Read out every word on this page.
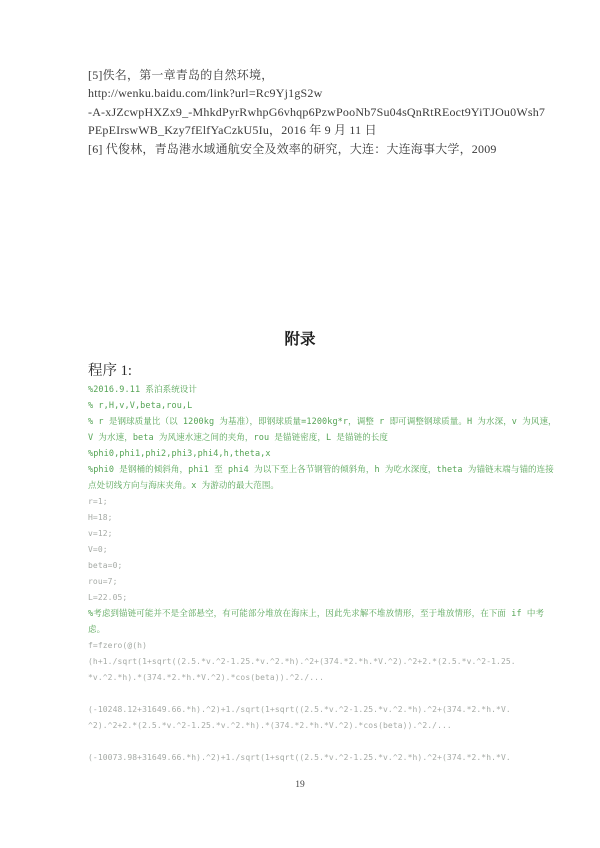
[5]佚名，第一章青岛的自然环境，
http://wenku.baidu.com/link?url=Rc9Yj1gS2w
-A-xJZcwpHXZx9_-MhkdPyrRwhpG6vhqp6PzwPooNb7Su04sQnRtREoct9YiTJOu0Wsh7
PEpEIrswWB_Kzy7fElfYaCzkU5Iu，2016 年 9 月 11 日
[6] 代俊林，青岛港水域通航安全及效率的研究，大连：大连海事大学，2009
附录
程序 1:
%2016.9.11 系泊系统设计
% r,H,v,V,beta,rou,L
% r 是钢球质量比（以 1200kg 为基准），即钢球质量=1200kg*r，调整 r 即可调整钢球质量。H 为水深，v 为风速，
V 为水速，beta 为风速水速之间的夹角，rou 是锚链密度，L 是锚链的长度
%phi0,phi1,phi2,phi3,phi4,h,theta,x
%phi0 是钢桶的倾斜角，phi1 至 phi4 为以下至上各节钢管的倾斜角，h 为吃水深度，theta 为锚链末端与锚的连接
点处切线方向与海床夹角。x 为游动的最大范围。
r=1;
H=18;
v=12;
V=0;
beta=0;
rou=7;
L=22.05;
%考虑到锚链可能并不是全部悬空，有可能部分堆放在海床上，因此先求解不堆放情形，至于堆放情形，在下面 if 中考
虑。
f=fzero(@(h)
(h+1./sqrt(1+sqrt((2.5.*v.^2-1.25.*v.^2.*h).^2+(374.*2.*h.*V.^2).^2+2.*(2.5.*v.^2-1.25.
*v.^2.*h).*(374.*2.*h.*V.^2).*cos(beta)).^2./...

(-10248.12+31649.66.*h).^2)+1./sqrt(1+sqrt((2.5.*v.^2-1.25.*v.^2.*h).^2+(374.*2.*h.*V.
^2).^2+2.*(2.5.*v.^2-1.25.*v.^2.*h).*(374.*2.*h.*V.^2).*cos(beta)).^2./...

(-10073.98+31649.66.*h).^2)+1./sqrt(1+sqrt((2.5.*v.^2-1.25.*v.^2.*h).^2+(374.*2.*h.*V.
19
